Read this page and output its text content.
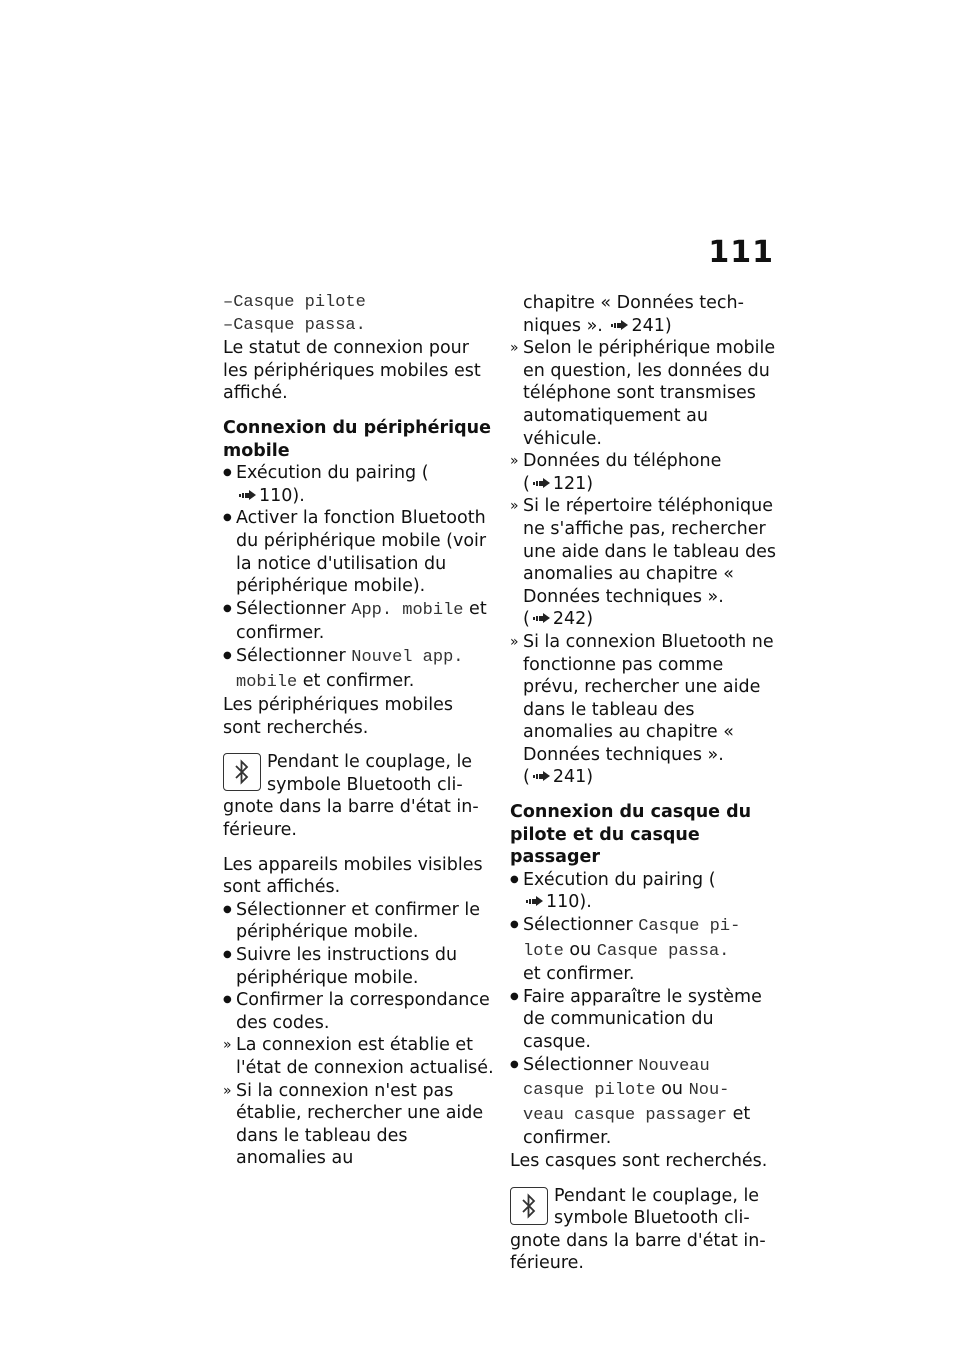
111

–Casque pilote

–Casque passa.

Le statut de connexion pour les périphériques mobiles est affiché.

Connexion du périphérique mobile

● Exécution du pairing (110).

● Activer la fonction Bluetooth du périphérique mobile (voir la notice d'utilisation du périphérique mobile).

● Sélectionner App. mobile et confirmer.

● Sélectionner Nouvel app.
mobile et confirmer.

Les périphériques mobiles sont recherchés.

Pendant le couplage, le

symbole Bluetooth cli-

gnote dans la barre d'état in-

férieure.

Les appareils mobiles visibles sont affichés.

● Sélectionner et confirmer le périphérique mobile.

● Suivre les instructions du périphérique mobile.

● Confirmer la correspondance des codes.

» La connexion est établie et l'état de connexion actualisé.

» Si la connexion n'est pas établie, rechercher une aide dans le tableau des anomalies au

chapitre « Données tech-
niques ». 241)

» Selon le périphérique mobile en question, les données du téléphone sont transmises automatiquement au véhicule.

» Données du téléphone
( 121)

» Si le répertoire téléphonique ne s'affiche pas, rechercher une aide dans le tableau des anomalies au chapitre « Données techniques ». ( 242)

» Si la connexion Bluetooth ne fonctionne pas comme prévu, rechercher une aide dans le tableau des anomalies au chapitre « Données techniques ».
( 241)

Connexion du casque du pilote et du casque passager

● Exécution du pairing (110).

● Sélectionner Casque pi-
lote ou Casque passa.
et confirmer.

● Faire apparaître le système de communication du casque.

● Sélectionner Nouveau
casque pilote ou Nou-
veau casque passager et
confirmer.

Les casques sont recherchés.

Pendant le couplage, le

symbole Bluetooth cli-

gnote dans la barre d'état in-

férieure.
